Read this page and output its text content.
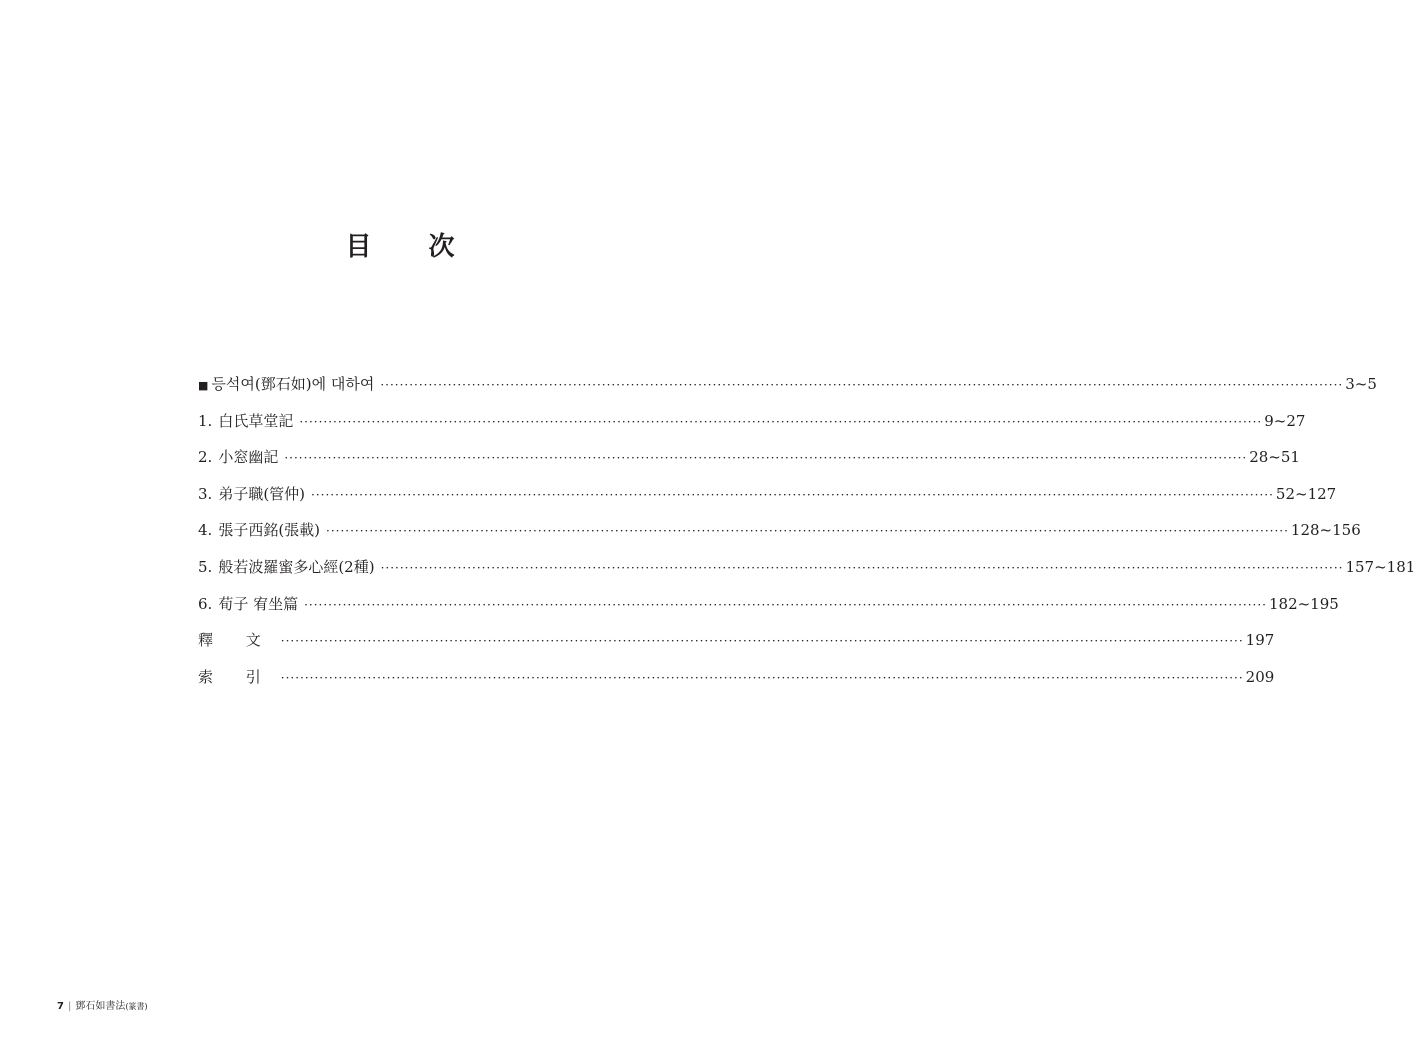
目 次
■ 등석여(鄧石如)에 대하여 ········································································································································································································ 3~5
1. 白氏草堂記 ········································································································································································································ 9~27
2. 小窓幽記 ········································································································································································································ 28~51
3. 弟子職(管仲) ········································································································································································································ 52~127
4. 張子西銘(張載) ········································································································································································································ 128~156
5. 般若波羅蜜多心經(2種) ········································································································································································································ 157~181
6. 荀子 宥坐篇 ········································································································································································································ 182~195
釋 文 ········································································································································································································ 197
索 引 ········································································································································································································ 209
7 | 鄧石如書法(篆書)
